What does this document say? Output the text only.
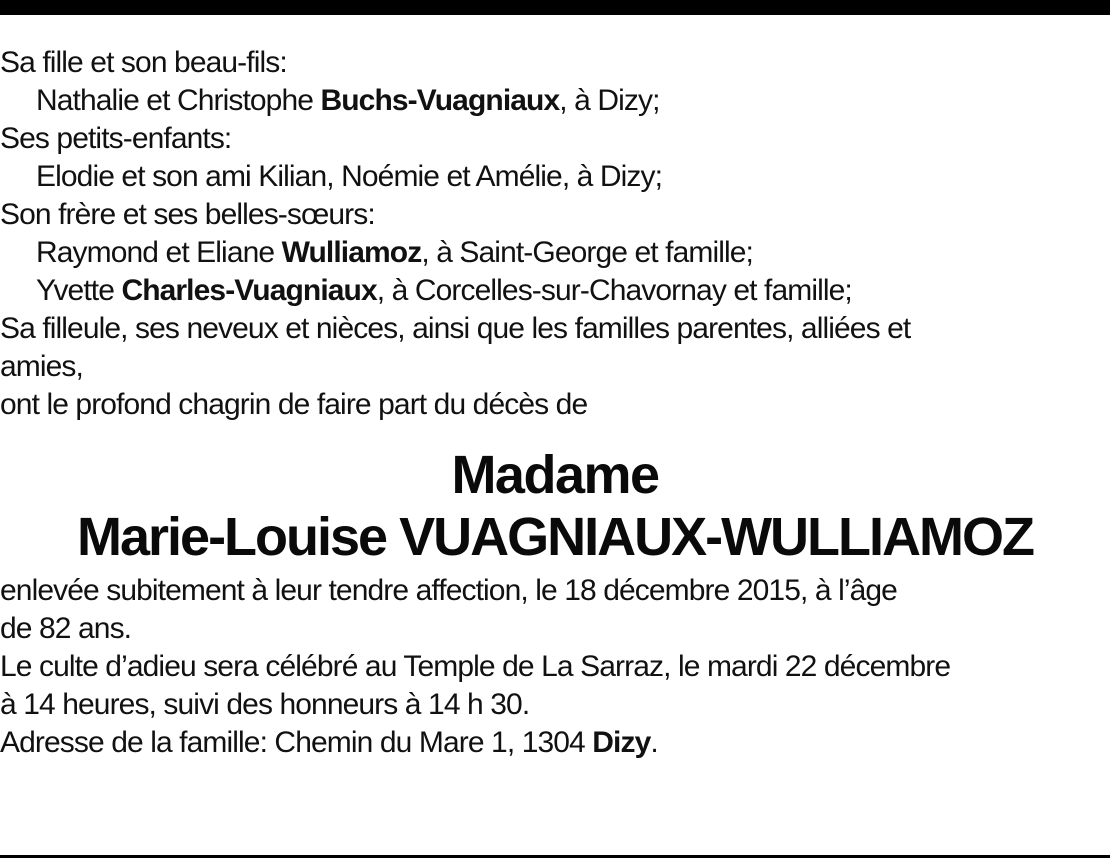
Sa fille et son beau-fils:
Nathalie et Christophe Buchs-Vuagniaux, à Dizy;
Ses petits-enfants:
Elodie et son ami Kilian, Noémie et Amélie, à Dizy;
Son frère et ses belles-sœurs:
Raymond et Eliane Wulliamoz, à Saint-George et famille;
Yvette Charles-Vuagniaux, à Corcelles-sur-Chavornay et famille;
Sa filleule, ses neveux et nièces, ainsi que les familles parentes, alliées et
amies,
ont le profond chagrin de faire part du décès de
Madame
Marie-Louise VUAGNIAUX-WULLIAMOZ
enlevée subitement à leur tendre affection, le 18 décembre 2015, à l’âge
de 82 ans.
Le culte d’adieu sera célébré au Temple de La Sarraz, le mardi 22 décembre
à 14 heures, suivi des honneurs à 14 h 30.
Adresse de la famille: Chemin du Mare 1, 1304 Dizy.
